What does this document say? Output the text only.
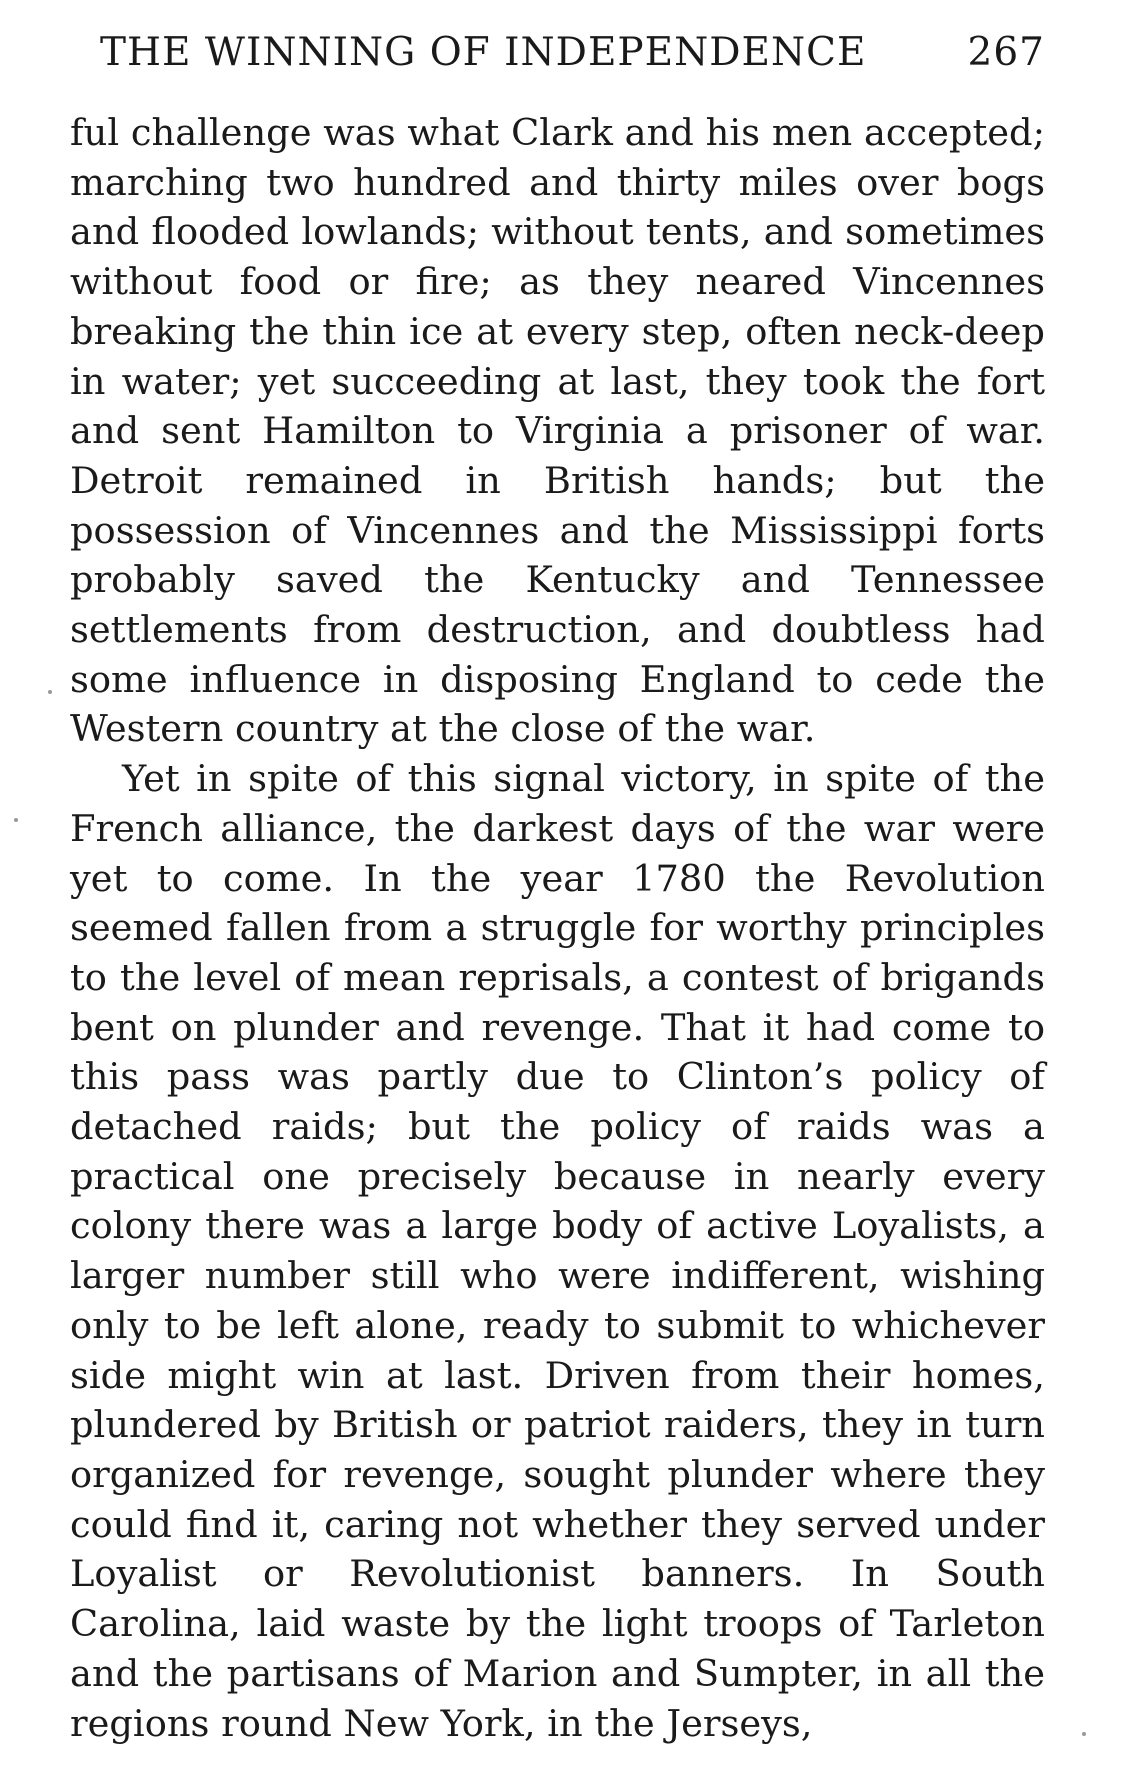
THE WINNING OF INDEPENDENCE	267

ful challenge was what Clark and his men accepted; marching two hundred and thirty miles over bogs and flooded lowlands; without tents, and sometimes without food or fire; as they neared Vincennes breaking the thin ice at every step, often neck-deep in water; yet succeeding at last, they took the fort and sent Hamilton to Virginia a prisoner of war. Detroit remained in British hands; but the possession of Vincennes and the Mississippi forts probably saved the Kentucky and Tennessee settlements from destruction, and doubtless had some influence in disposing England to cede the Western country at the close of the war.

Yet in spite of this signal victory, in spite of the French alliance, the darkest days of the war were yet to come. In the year 1780 the Revolution seemed fallen from a struggle for worthy principles to the level of mean reprisals, a contest of brigands bent on plunder and revenge. That it had come to this pass was partly due to Clinton’s policy of detached raids; but the policy of raids was a practical one precisely because in nearly every colony there was a large body of active Loyalists, a larger number still who were indifferent, wishing only to be left alone, ready to submit to whichever side might win at last. Driven from their homes, plundered by British or patriot raiders, they in turn organized for revenge, sought plunder where they could find it, caring not whether they served under Loyalist or Revolutionist banners. In South Carolina, laid waste by the light troops of Tarleton and the partisans of Marion and Sumpter, in all the regions round New York, in the Jerseys,
